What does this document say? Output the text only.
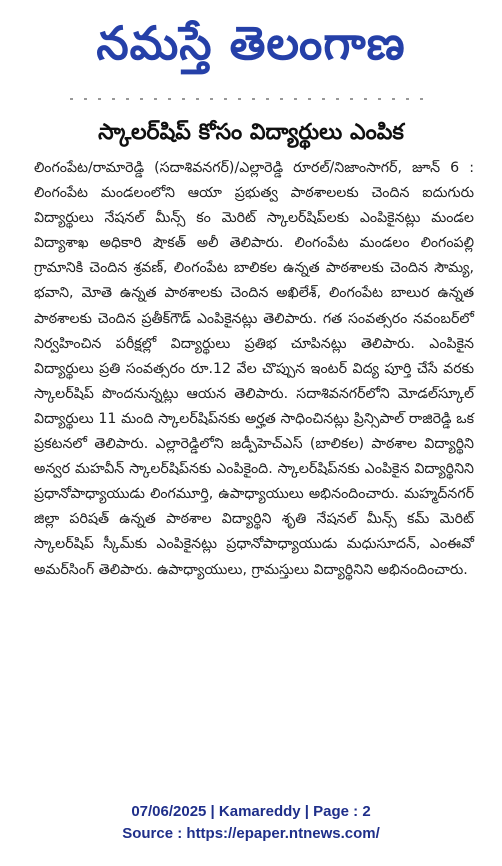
నమస్తే తెలంగాణ
స్కాలర్‌షిప్ కోసం విద్యార్థులు ఎంపిక

లింగంపేట/రామారెడ్డి (సదాశివనగర్)/ఎల్లారెడ్డి రూరల్/నిజాంసాగర్, జూన్ 6 : లింగంపేట మండలంలోని ఆయా ప్రభుత్వ పాఠశాలలకు చెందిన ఐదుగురు విద్యార్థులు నేషనల్ మీన్స్ కం మెరిట్ స్కాలర్‌షిప్‌లకు ఎంపికైనట్లు మండల విద్యాశాఖ అధికారి షౌకత్ అలీ తెలిపారు. లింగంపేట మండలం లింగంపల్లి గ్రామానికి చెందిన శ్రవణ్, లింగంపేట బాలికల ఉన్నత పాఠశాలకు చెందిన సౌమ్య, భవాని, మోతె ఉన్నత పాఠశాలకు చెందిన అఖిలేశ్, లింగంపేట బాలుర ఉన్నత పాఠశాలకు చెందిన ప్రతీక్‌గౌడ్ ఎంపికైనట్లు తెలిపారు. గత సంవత్సరం నవంబర్‌లో నిర్వహించిన పరీక్షల్లో విద్యార్థులు ప్రతిభ చూపినట్లు తెలిపారు. ఎంపికైన విద్యార్థులు ప్రతి సంవత్సరం రూ.12 వేల చొప్పున ఇంటర్ విద్య పూర్తి చేసే వరకు స్కాలర్‌షిప్ పొందనున్నట్లు ఆయన తెలిపారు. సదాశివనగర్‌లోని మోడల్‌స్కూల్ విద్యార్థులు 11 మంది స్కాలర్‌షిప్‌నకు అర్హత సాధించినట్లు ప్రిన్సిపాల్ రాజిరెడ్డి ఒక ప్రకటనలో తెలిపారు. ఎల్లారెడ్డిలోని జడ్పీహెచ్‌ఎస్ (బాలికల) పాఠశాల విద్యార్థిని అన్వర మహవీన్ స్కాలర్‌షిప్‌నకు ఎంపికైంది. స్కాలర్‌షిప్‌నకు ఎంపికైన విద్యార్థినిని ప్రధానోపాధ్యాయుడు లింగమూర్తి, ఉపాధ్యాయులు అభినందించారు. మహ్మద్‌నగర్ జిల్లా పరిషత్ ఉన్నత పాఠశాల విద్యార్థిని శృతి నేషనల్ మీన్స్ కమ్ మెరిట్ స్కాలర్‌షిప్ స్కీమ్‌కు ఎంపికైనట్లు ప్రధానోపాధ్యాయుడు మధుసూదన్, ఎంఈవో అమర్‌సింగ్ తెలిపారు. ఉపాధ్యాయులు, గ్రామస్తులు విద్యార్థినిని అభినందించారు.

07/06/2025 | Kamareddy | Page : 2
Source : https://epaper.ntnews.com/
